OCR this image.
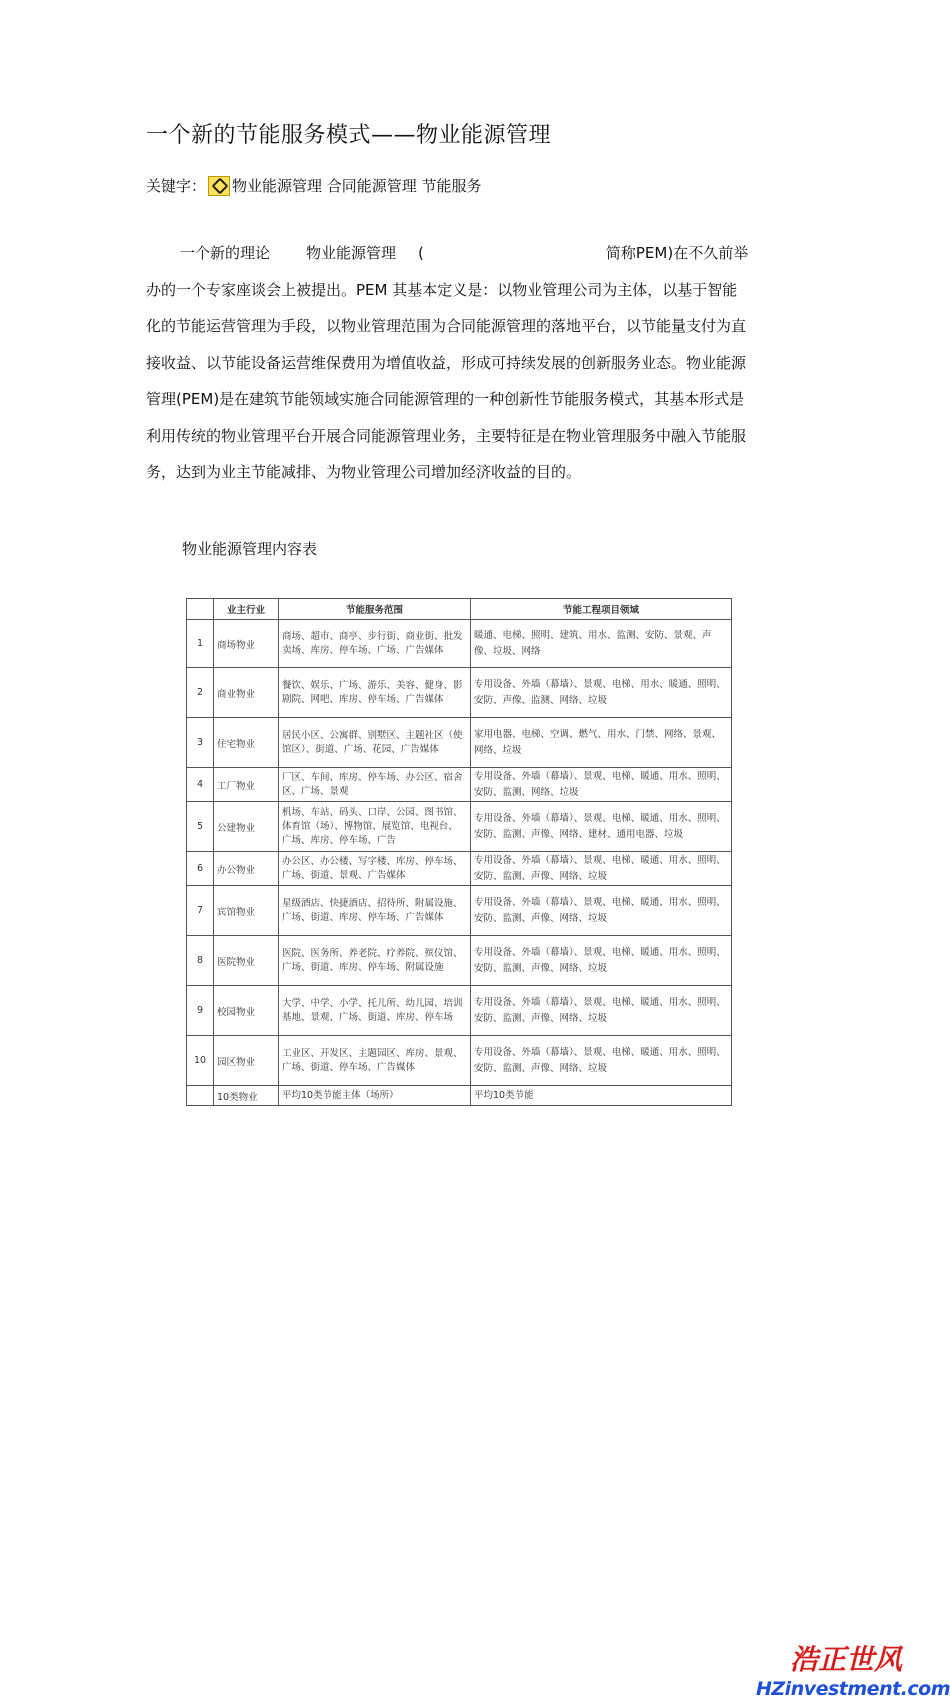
一个新的节能服务模式——物业能源管理
关键字： 物业能源管理 合同能源管理 节能服务
一个新的理论 物业能源管理 (	简称PEM)在不久前举
办的一个专家座谈会上被提出。PEM 其基本定义是：以物业管理公司为主体，以基于智能
化的节能运营管理为手段，以物业管理范围为合同能源管理的落地平台，以节能量支付为直
接收益、以节能设备运营维保费用为增值收益，形成可持续发展的创新服务业态。物业能源
管理(PEM)是在建筑节能领域实施合同能源管理的一种创新性节能服务模式，其基本形式是
利用传统的物业管理平台开展合同能源管理业务，主要特征是在物业管理服务中融入节能服
务，达到为业主节能减排、为物业管理公司增加经济收益的目的。
物业能源管理内容表
	业主行业	节能服务范围	节能工程项目领域
1	商场物业	商场、超市、商亭、步行街、商业街、批发卖场、库房、停车场、广场、广告媒体	暖通、电梯、照明、建筑、用水、监测、安防、景观、声像、垃圾、网络
2	商业物业	餐饮、娱乐、广场、游乐、美容、健身、影剧院、网吧、库房、停车场、广告媒体	专用设备、外墙（幕墙）、景观、电梯、用水、暖通、照明、安防、声像、监测、网络、垃圾
3	住宅物业	居民小区、公寓群、别墅区、主题社区（使馆区）、街道、广场、花园、广告媒体	家用电器、电梯、空调、燃气、用水、门禁、网络、景观、网络、垃圾
4	工厂物业	厂区、车间、库房、停车场、办公区、宿舍区、广场、景观	专用设备、外墙（幕墙）、景观、电梯、暖通、用水、照明、安防、监测、网络、垃圾
5	公建物业	机场、车站、码头、口岸、公园、图书馆、体育馆（场）、博物馆、展览馆、电视台、广场、库房、停车场、广告	专用设备、外墙（幕墙）、景观、电梯、暖通、用水、照明、安防、监测、声像、网络、建材、通用电器、垃圾
6	办公物业	办公区、办公楼、写字楼、库房、停车场、广场、街道、景观、广告媒体	专用设备、外墙（幕墙）、景观、电梯、暖通、用水、照明、安防、监测、声像、网络、垃圾
7	宾馆物业	星级酒店、快捷酒店、招待所、附属设施、广场、街道、库房、停车场、广告媒体	专用设备、外墙（幕墙）、景观、电梯、暖通、用水、照明、安防、监测、声像、网络、垃圾
8	医院物业	医院、医务所、养老院、疗养院、殡仪馆、广场、街道、库房、停车场、附属设施	专用设备、外墙（幕墙）、景观、电梯、暖通、用水、照明、安防、监测、声像、网络、垃圾
9	校园物业	大学、中学、小学、托儿所、幼儿园、培训基地、景观、广场、街道、库房、停车场	专用设备、外墙（幕墙）、景观、电梯、暖通、用水、照明、安防、监测、声像、网络、垃圾
10	园区物业	工业区、开发区、主题园区、库房、景观、广场、街道、停车场、广告媒体	专用设备、外墙（幕墙）、景观、电梯、暖通、用水、照明、安防、监测、声像、网络、垃圾
	10类物业	平均10类节能主体（场所）	平均10类节能
浩正世风
HZinvestment.com
